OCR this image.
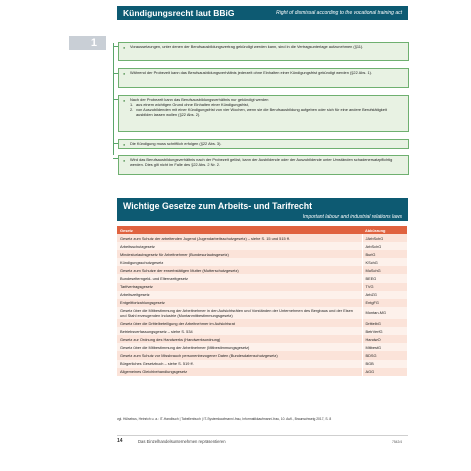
Kündigungsrecht laut BBiG	Right of dismissal according to the vocational training act
1	● Voraussetzungen, unter denen der Berufsausbildungsvertrag gekündigt werden kann, sind in die Vertragsunterlage aufzunehmen (§11).
● Während der Probezeit kann das Berufsausbildungsverhältnis jederzeit ohne Einhalten einer Kündigungsfrist gekündigt werden (§22 Abs. 1).
● Nach der Probezeit kann das Berufsausbildungsverhältnis nur gekündigt werden
1. aus einem wichtigen Grund ohne Einhalten einer Kündigungsfrist,
2. von Auszubildenden mit einer Kündigungsfrist von vier Wochen, wenn sie die Berufsausbildung aufgeben oder sich für eine andere Berufstätigkeit ausbilden lassen wollen (§22 Abs. 2).
● Die Kündigung muss schriftlich erfolgen (§22 Abs. 3).
● Wird das Berufsausbildungsverhältnis nach der Probezeit gelöst, kann der Ausbildende oder der Auszubildende unter Umständen schadenersatzpflichtig werden. Dies gilt nicht im Falle des §22 Abs. 2 Nr. 2.
Wichtige Gesetze zum Arbeits- und Tarifrecht
Important labour and industrial relations laws
Gesetz	Abkürzung
Gesetz zum Schutz der arbeitenden Jugend (Jugendarbeitsschutzgesetz) – siehe S. 15 und 515 ff.	JArbSchG
Arbeitsschutzgesetz	ArbSchG
Mindesturlaubsgesetz für Arbeitnehmer (Bundesurlaubsgesetz)	BurlG
Kündigungsschutzgesetz	KSchG
Gesetz zum Schutze der erwerbstätigen Mutter (Mutterschutzgesetz)	MuSchG
Bundeselterngeld- und Elternzeitgesetz	BEEG
Tarifvertragsgesetz	TVG
Arbeitszeitgesetz	ArbZG
Entgeltfortzahlungsgesetz	EntgFG
Gesetz über die Mitbestimmung der Arbeitnehmer in den Aufsichtsräten und Vorständen der Unternehmen des Bergbaus und der Eisen und Stahl erzeugenden Industrie (Montanmitbestimmungsgesetz)	Montan-MG
Gesetz über die Drittelbeteiligung der Arbeitnehmer im Aufsichtsrat	DrittelbG
Betriebsverfassungsgesetz – siehe S. 534	BetrVerfG
Gesetz zur Ordnung des Handwerks (Handwerksordnung)	HandwO
Gesetz über die Mitbestimmung der Arbeitnehmer (Mitbestimmungsgesetz)	MitbestG
Gesetz zum Schutz vor Missbrauch personenbezogener Daten (Bundesdatenschutzgesetz)	BDSG
Bürgerliches Gesetzbuch – siehe S. 519 ff.	BGB
Allgemeines Gleichbehandlungsgesetz	AGG
vgl. Hülsebus, Heinrich u. a.: IT-Handbuch | Tabellenbuch | IT-Systemkaufmann/-frau, Informatikkaufmann/-frau, 10. Aufl., Braunschweig 2017, S. 8
14	Das Einzelhandelsunternehmen repräsentieren	7542/4
